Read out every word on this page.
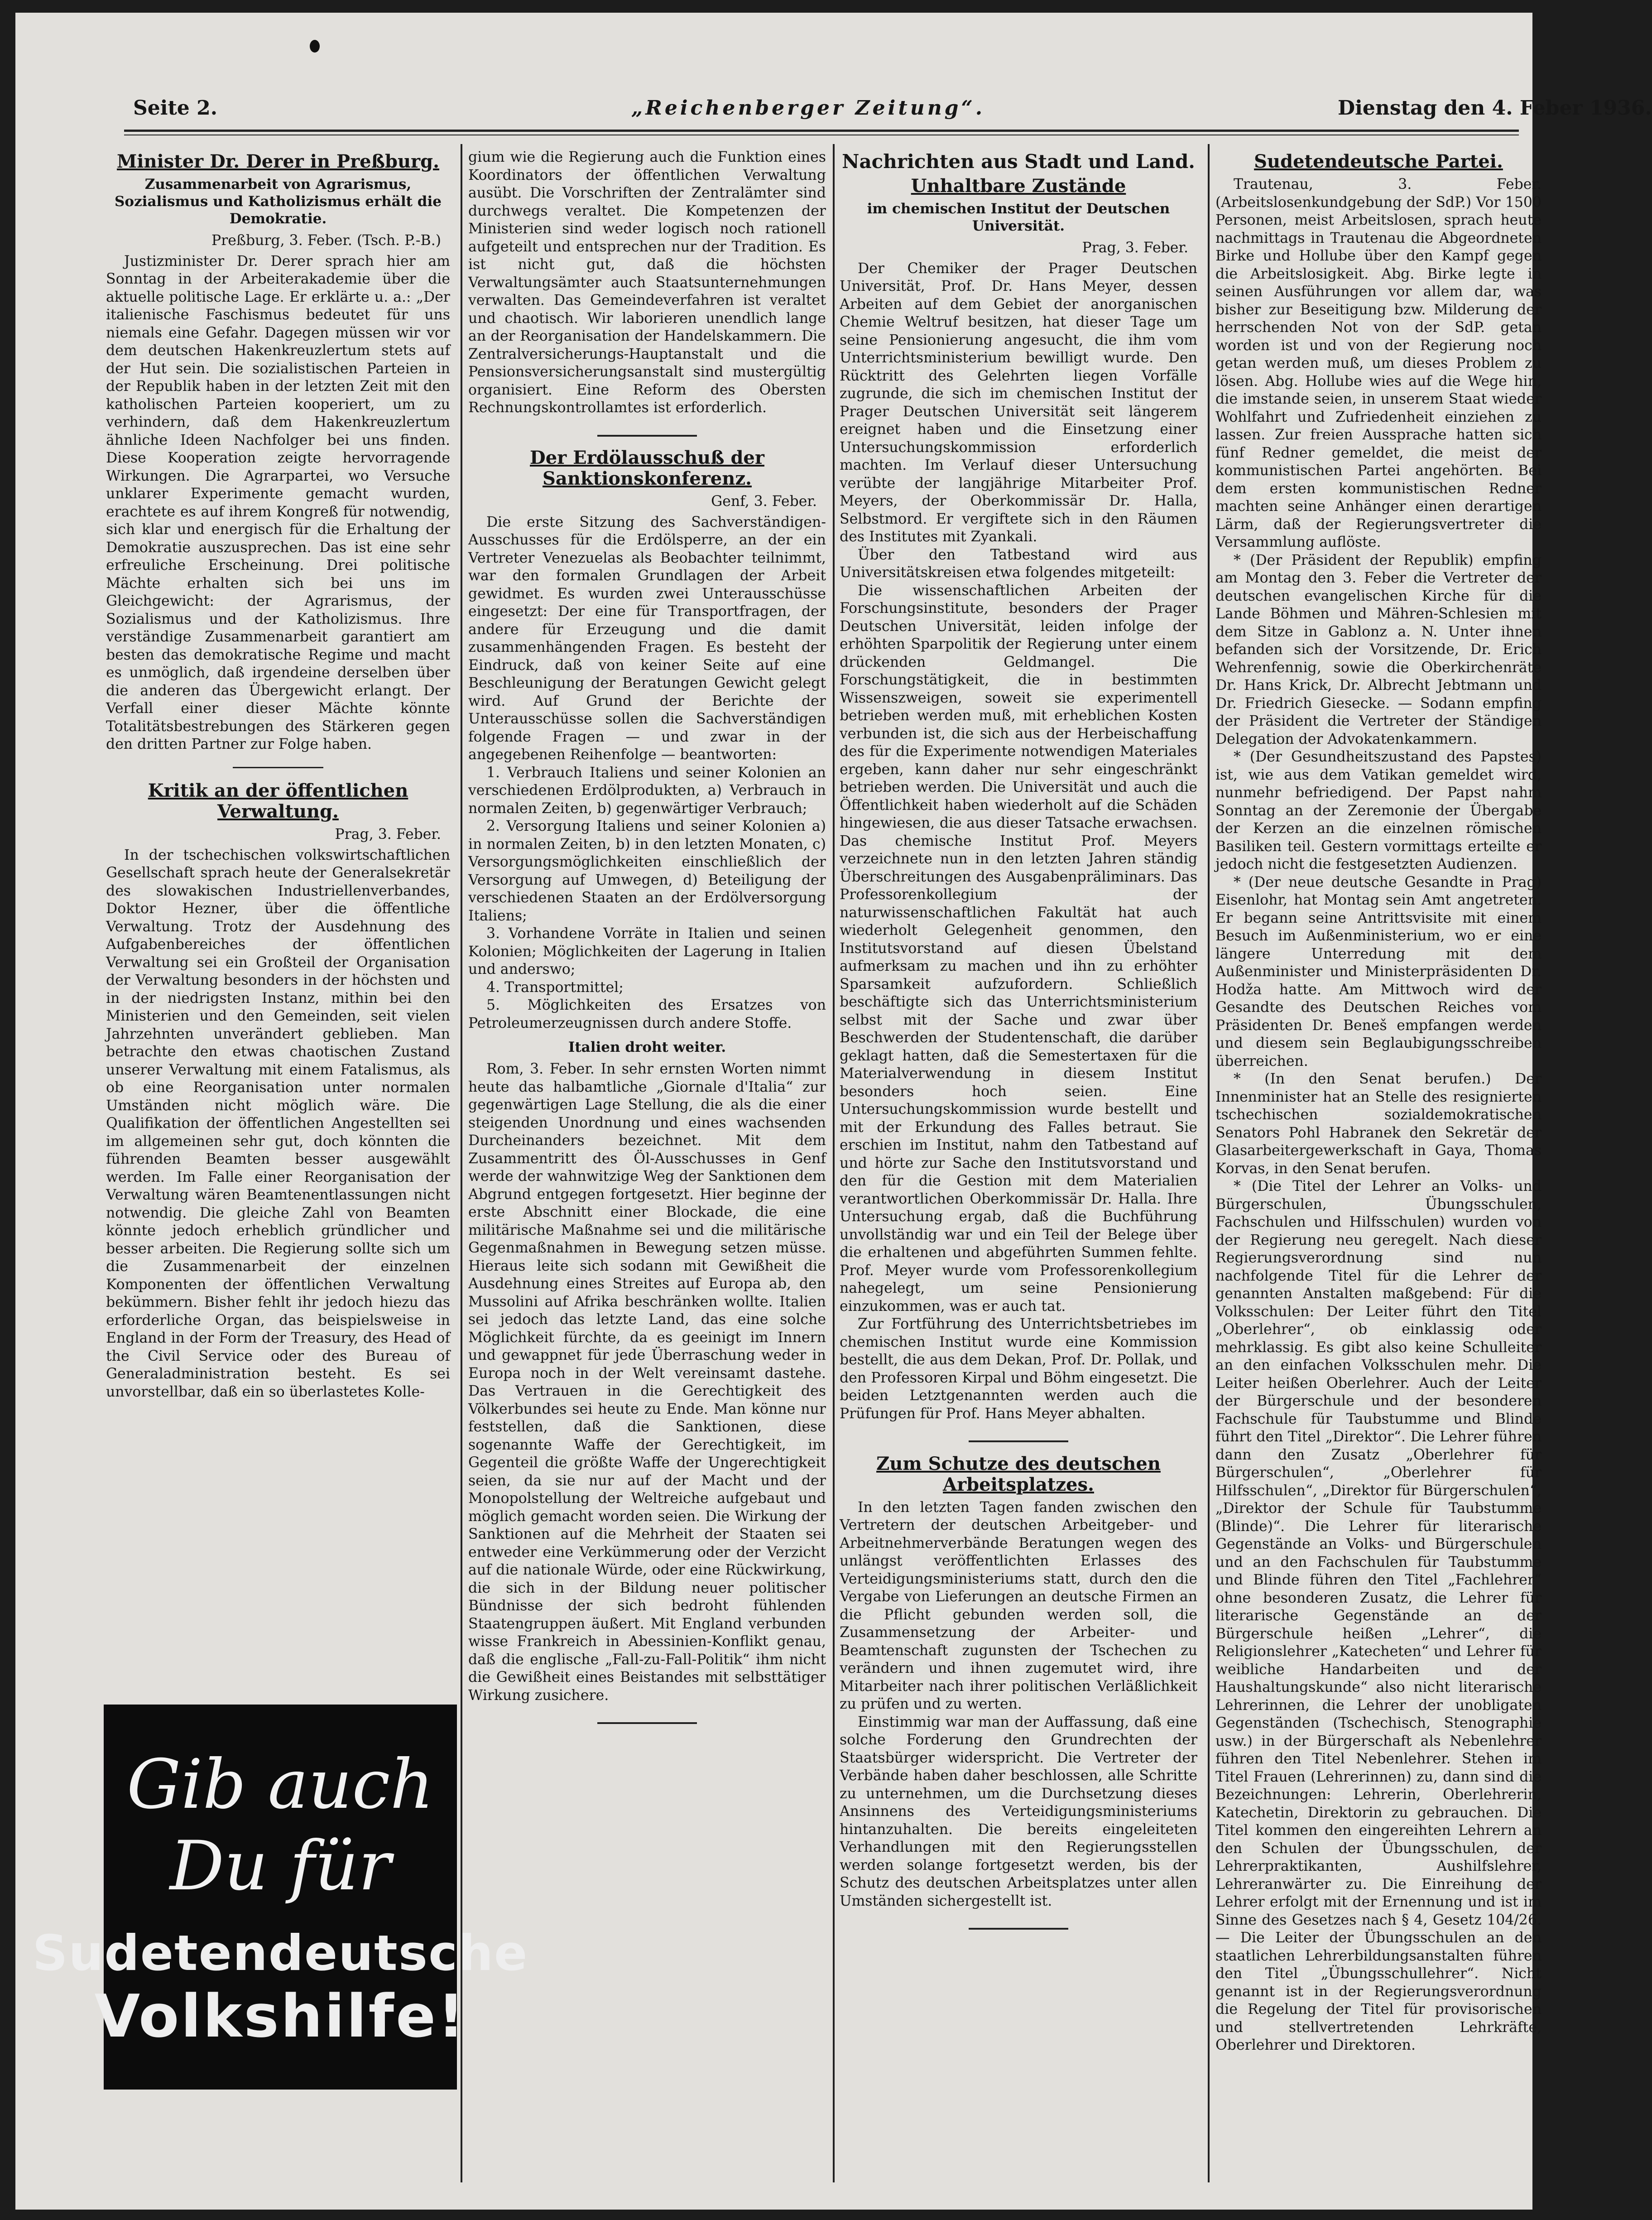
Seite 2.	„Reichenberger Zeitung“.	Dienstag den 4. Feber 1936.
Minister Dr. Derer in Preßburg.
Zusammenarbeit von Agrarismus, Sozialismus und Katholizismus erhält die Demokratie.
Preßburg, 3. Feber. (Tsch. P.-B.)

Justizminister Dr. Derer sprach hier am Sonntag in der Arbeiterakademie über die aktuelle politische Lage. Er erklärte u. a.: „Der italienische Faschismus bedeutet für uns niemals eine Gefahr. Dagegen müssen wir vor dem deutschen Hakenkreuzlertum stets auf der Hut sein. Die sozialistischen Parteien in der Republik haben in der letzten Zeit mit den katholischen Parteien kooperiert, um zu verhindern, daß dem Hakenkreuzlertum ähnliche Ideen Nachfolger bei uns finden. Diese Kooperation zeigte hervorragende Wirkungen. Die Agrarpartei, wo Versuche unklarer Experimente gemacht wurden, erachtete es auf ihrem Kongreß für notwendig, sich klar und energisch für die Erhaltung der Demokratie auszusprechen. Das ist eine sehr erfreuliche Erscheinung. Drei politische Mächte erhalten sich bei uns im Gleichgewicht: der Agrarismus, der Sozialismus und der Katholizismus. Ihre verständige Zusammenarbeit garantiert am besten das demokratische Regime und macht es unmöglich, daß irgendeine derselben über die anderen das Übergewicht erlangt. Der Verfall einer dieser Mächte könnte Totalitätsbestrebungen des Stärkeren gegen den dritten Partner zur Folge haben.

Kritik an der öffentlichen Verwaltung.
Prag, 3. Feber.

In der tschechischen volkswirtschaftlichen Gesellschaft sprach heute der Generalsekretär des slowakischen Industriellenverbandes, Doktor Hezner, über die öffentliche Verwaltung. Trotz der Ausdehnung des Aufgabenbereiches der öffentlichen Verwaltung sei ein Großteil der Organisation der Verwaltung besonders in der höchsten und in der niedrigsten Instanz, mithin bei den Ministerien und den Gemeinden, seit vielen Jahrzehnten unverändert geblieben. Man betrachte den etwas chaotischen Zustand unserer Verwaltung mit einem Fatalismus, als ob eine Reorganisation unter normalen Umständen nicht möglich wäre. Die Qualifikation der öffentlichen Angestellten sei im allgemeinen sehr gut, doch könnten die führenden Beamten besser ausgewählt werden. Im Falle einer Reorganisation der Verwaltung wären Beamtenentlassungen nicht notwendig. Die gleiche Zahl von Beamten könnte jedoch erheblich gründlicher und besser arbeiten. Die Regierung sollte sich um die Zusammenarbeit der einzelnen Komponenten der öffentlichen Verwaltung bekümmern. Bisher fehlt ihr jedoch hiezu das erforderliche Organ, das beispielsweise in England in der Form der Treasury, des Head of the Civil Service oder des Bureau of Generaladministration besteht. Es sei unvorstellbar, daß ein so überlastetes Kolle-

Gib auch
Du für
Sudetendeutsche
Volkshilfe!

gium wie die Regierung auch die Funktion eines Koordinators der öffentlichen Verwaltung ausübt. Die Vorschriften der Zentralämter sind durchwegs veraltet. Die Kompetenzen der Ministerien sind weder logisch noch rationell aufgeteilt und entsprechen nur der Tradition. Es ist nicht gut, daß die höchsten Verwaltungsämter auch Staatsunternehmungen verwalten. Das Gemeindeverfahren ist veraltet und chaotisch. Wir laborieren unendlich lange an der Reorganisation der Handelskammern. Die Zentralversicherungs-Hauptanstalt und die Pensionsversicherungsanstalt sind mustergültig organisiert. Eine Reform des Obersten Rechnungskontrollamtes ist erforderlich.

Der Erdölausschuß der Sanktionskonferenz.
Genf, 3. Feber.

Die erste Sitzung des Sachverständigen-Ausschusses für die Erdölsperre, an der ein Vertreter Venezuelas als Beobachter teilnimmt, war den formalen Grundlagen der Arbeit gewidmet. Es wurden zwei Unterausschüsse eingesetzt: Der eine für Transportfragen, der andere für Erzeugung und die damit zusammenhängenden Fragen. Es besteht der Eindruck, daß von keiner Seite auf eine Beschleunigung der Beratungen Gewicht gelegt wird. Auf Grund der Berichte der Unterausschüsse sollen die Sachverständigen folgende Fragen — und zwar in der angegebenen Reihenfolge — beantworten:

1. Verbrauch Italiens und seiner Kolonien an verschiedenen Erdölprodukten, a) Verbrauch in normalen Zeiten, b) gegenwärtiger Verbrauch;

2. Versorgung Italiens und seiner Kolonien a) in normalen Zeiten, b) in den letzten Monaten, c) Versorgungsmöglichkeiten einschließlich der Versorgung auf Umwegen, d) Beteiligung der verschiedenen Staaten an der Erdölversorgung Italiens;

3. Vorhandene Vorräte in Italien und seinen Kolonien; Möglichkeiten der Lagerung in Italien und anderswo;

4. Transportmittel;

5. Möglichkeiten des Ersatzes von Petroleumerzeugnissen durch andere Stoffe.

Italien droht weiter.

Rom, 3. Feber. In sehr ernsten Worten nimmt heute das halbamtliche „Giornale d'Italia“ zur gegenwärtigen Lage Stellung, die als die einer steigenden Unordnung und eines wachsenden Durcheinanders bezeichnet. Mit dem Zusammentritt des Öl-Ausschusses in Genf werde der wahnwitzige Weg der Sanktionen dem Abgrund entgegen fortgesetzt. Hier beginne der erste Abschnitt einer Blockade, die eine militärische Maßnahme sei und die militärische Gegenmaßnahmen in Bewegung setzen müsse. Hieraus leite sich sodann mit Gewißheit die Ausdehnung eines Streites auf Europa ab, den Mussolini auf Afrika beschränken wollte. Italien sei jedoch das letzte Land, das eine solche Möglichkeit fürchte, da es geeinigt im Innern und gewappnet für jede Überraschung weder in Europa noch in der Welt vereinsamt dastehe. Das Vertrauen in die Gerechtigkeit des Völkerbundes sei heute zu Ende. Man könne nur feststellen, daß die Sanktionen, diese sogenannte Waffe der Gerechtigkeit, im Gegenteil die größte Waffe der Ungerechtigkeit seien, da sie nur auf der Macht und der Monopolstellung der Weltreiche aufgebaut und möglich gemacht worden seien. Die Wirkung der Sanktionen auf die Mehrheit der Staaten sei entweder eine Verkümmerung oder der Verzicht auf die nationale Würde, oder eine Rückwirkung, die sich in der Bildung neuer politischer Bündnisse der sich bedroht fühlenden Staatengruppen äußert. Mit England verbunden wisse Frankreich in Abessinien-Konflikt genau, daß die englische „Fall-zu-Fall-Politik“ ihm nicht die Gewißheit eines Beistandes mit selbsttätiger Wirkung zusichere.

Nachrichten aus Stadt und Land.
Unhaltbare Zustände
im chemischen Institut der Deutschen Universität.
Prag, 3. Feber.

Der Chemiker der Prager Deutschen Universität, Prof. Dr. Hans Meyer, dessen Arbeiten auf dem Gebiet der anorganischen Chemie Weltruf besitzen, hat dieser Tage um seine Pensionierung angesucht, die ihm vom Unterrichtsministerium bewilligt wurde. Den Rücktritt des Gelehrten liegen Vorfälle zugrunde, die sich im chemischen Institut der Prager Deutschen Universität seit längerem ereignet haben und die Einsetzung einer Untersuchungskommission erforderlich machten. Im Verlauf dieser Untersuchung verübte der langjährige Mitarbeiter Prof. Meyers, der Oberkommissär Dr. Halla, Selbstmord. Er vergiftete sich in den Räumen des Institutes mit Zyankali.

Über den Tatbestand wird aus Universitätskreisen etwa folgendes mitgeteilt:

Die wissenschaftlichen Arbeiten der Forschungsinstitute, besonders der Prager Deutschen Universität, leiden infolge der erhöhten Sparpolitik der Regierung unter einem drückenden Geldmangel. Die Forschungstätigkeit, die in bestimmten Wissenszweigen, soweit sie experimentell betrieben werden muß, mit erheblichen Kosten verbunden ist, die sich aus der Herbeischaffung des für die Experimente notwendigen Materiales ergeben, kann daher nur sehr eingeschränkt betrieben werden. Die Universität und auch die Öffentlichkeit haben wiederholt auf die Schäden hingewiesen, die aus dieser Tatsache erwachsen. Das chemische Institut Prof. Meyers verzeichnete nun in den letzten Jahren ständig Überschreitungen des Ausgabenpräliminars. Das Professorenkollegium der naturwissenschaftlichen Fakultät hat auch wiederholt Gelegenheit genommen, den Institutsvorstand auf diesen Übelstand aufmerksam zu machen und ihn zu erhöhter Sparsamkeit aufzufordern. Schließlich beschäftigte sich das Unterrichtsministerium selbst mit der Sache und zwar über Beschwerden der Studentenschaft, die darüber geklagt hatten, daß die Semestertaxen für die Materialverwendung in diesem Institut besonders hoch seien. Eine Untersuchungskommission wurde bestellt und mit der Erkundung des Falles betraut. Sie erschien im Institut, nahm den Tatbestand auf und hörte zur Sache den Institutsvorstand und den für die Gestion mit dem Materialien verantwortlichen Oberkommissär Dr. Halla. Ihre Untersuchung ergab, daß die Buchführung unvollständig war und ein Teil der Belege über die erhaltenen und abgeführten Summen fehlte. Prof. Meyer wurde vom Professorenkollegium nahegelegt, um seine Pensionierung einzukommen, was er auch tat.

Zur Fortführung des Unterrichtsbetriebes im chemischen Institut wurde eine Kommission bestellt, die aus dem Dekan, Prof. Dr. Pollak, und den Professoren Kirpal und Böhm eingesetzt. Die beiden Letztgenannten werden auch die Prüfungen für Prof. Hans Meyer abhalten.

Zum Schutze des deutschen Arbeitsplatzes.

In den letzten Tagen fanden zwischen den Vertretern der deutschen Arbeitgeber- und Arbeitnehmerverbände Beratungen wegen des unlängst veröffentlichten Erlasses des Verteidigungsministeriums statt, durch den die Vergabe von Lieferungen an deutsche Firmen an die Pflicht gebunden werden soll, die Zusammensetzung der Arbeiter- und Beamtenschaft zugunsten der Tschechen zu verändern und ihnen zugemutet wird, ihre Mitarbeiter nach ihrer politischen Verläßlichkeit zu prüfen und zu werten.

Einstimmig war man der Auffassung, daß eine solche Forderung den Grundrechten der Staatsbürger widerspricht. Die Vertreter der Verbände haben daher beschlossen, alle Schritte zu unternehmen, um die Durchsetzung dieses Ansinnens des Verteidigungsministeriums hintanzuhalten. Die bereits eingeleiteten Verhandlungen mit den Regierungsstellen werden solange fortgesetzt werden, bis der Schutz des deutschen Arbeitsplatzes unter allen Umständen sichergestellt ist.

Sudetendeutsche Partei.

Trautenau, 3. Feber. (Arbeitslosenkundgebung der SdP.) Vor 1500 Personen, meist Arbeitslosen, sprach heute nachmittags in Trautenau die Abgeordneten Birke und Hollube über den Kampf gegen die Arbeitslosigkeit. Abg. Birke legte in seinen Ausführungen vor allem dar, was bisher zur Beseitigung bzw. Milderung der herrschenden Not von der SdP. getan worden ist und von der Regierung noch getan werden muß, um dieses Problem zu lösen. Abg. Hollube wies auf die Wege hin, die imstande seien, in unserem Staat wieder Wohlfahrt und Zufriedenheit einziehen zu lassen. Zur freien Aussprache hatten sich fünf Redner gemeldet, die meist der kommunistischen Partei angehörten. Bei dem ersten kommunistischen Redner machten seine Anhänger einen derartigen Lärm, daß der Regierungsvertreter die Versammlung auflöste.

* (Der Präsident der Republik) empfing am Montag den 3. Feber die Vertreter der deutschen evangelischen Kirche für die Lande Böhmen und Mähren-Schlesien mit dem Sitze in Gablonz a. N. Unter ihnen befanden sich der Vorsitzende, Dr. Erich Wehrenfennig, sowie die Oberkirchenräte Dr. Hans Krick, Dr. Albrecht Jebtmann und Dr. Friedrich Giesecke. — Sodann empfing der Präsident die Vertreter der Ständigen Delegation der Advokatenkammern.

* (Der Gesundheitszustand des Papstes) ist, wie aus dem Vatikan gemeldet wird, nunmehr befriedigend. Der Papst nahm Sonntag an der Zeremonie der Übergabe der Kerzen an die einzelnen römischen Basiliken teil. Gestern vormittags erteilte er jedoch nicht die festgesetzten Audienzen.

* (Der neue deutsche Gesandte in Prag) Eisenlohr, hat Montag sein Amt angetreten. Er begann seine Antrittsvisite mit einem Besuch im Außenministerium, wo er eine längere Unterredung mit dem Außenminister und Ministerpräsidenten Dr. Hodža hatte. Am Mittwoch wird der Gesandte des Deutschen Reiches vom Präsidenten Dr. Beneš empfangen werden und diesem sein Beglaubigungsschreiben überreichen.

* (In den Senat berufen.) Der Innenminister hat an Stelle des resignierten tschechischen sozialdemokratischen Senators Pohl Habranek den Sekretär der Glasarbeitergewerkschaft in Gaya, Thomas Korvas, in den Senat berufen.

* (Die Titel der Lehrer an Volks- und Bürgerschulen, Übungsschulen, Fachschulen und Hilfsschulen) wurden von der Regierung neu geregelt. Nach dieser Regierungsverordnung sind nun nachfolgende Titel für die Lehrer der genannten Anstalten maßgebend: Für die Volksschulen: Der Leiter führt den Titel „Oberlehrer“, ob einklassig oder mehrklassig. Es gibt also keine Schulleiter an den einfachen Volksschulen mehr. Die Leiter heißen Oberlehrer. Auch der Leiter der Bürgerschule und der besonderen Fachschule für Taubstumme und Blinde führt den Titel „Direktor“. Die Lehrer führen dann den Zusatz „Oberlehrer für Bürgerschulen“, „Oberlehrer für Hilfsschulen“, „Direktor für Bürgerschulen“, „Direktor der Schule für Taubstumme (Blinde)“. Die Lehrer für literarische Gegenstände an Volks- und Bürgerschulen und an den Fachschulen für Taubstumme und Blinde führen den Titel „Fachlehrer“ ohne besonderen Zusatz, die Lehrer für literarische Gegenstände an der Bürgerschule heißen „Lehrer“, die Religionslehrer „Katecheten“ und Lehrer für weibliche Handarbeiten und der Haushaltungskunde“ also nicht literarische Lehrerinnen, die Lehrer der unobligaten Gegenständen (Tschechisch, Stenographie usw.) in der Bürgerschaft als Nebenlehrer führen den Titel Nebenlehrer. Stehen im Titel Frauen (Lehrerinnen) zu, dann sind die Bezeichnungen: Lehrerin, Oberlehrerin, Katechetin, Direktorin zu gebrauchen. Die Titel kommen den eingereihten Lehrern an den Schulen der Übungsschulen, der Lehrerpraktikanten, Aushilfslehrer, Lehreranwärter zu. Die Einreihung der Lehrer erfolgt mit der Ernennung und ist im Sinne des Gesetzes nach § 4, Gesetz 104/26. — Die Leiter der Übungsschulen an den staatlichen Lehrerbildungsanstalten führen den Titel „Übungsschullehrer“. Nicht genannt ist in der Regierungsverordnung die Regelung der Titel für provisorischen und stellvertretenden Lehrkräfte, Oberlehrer und Direktoren.
